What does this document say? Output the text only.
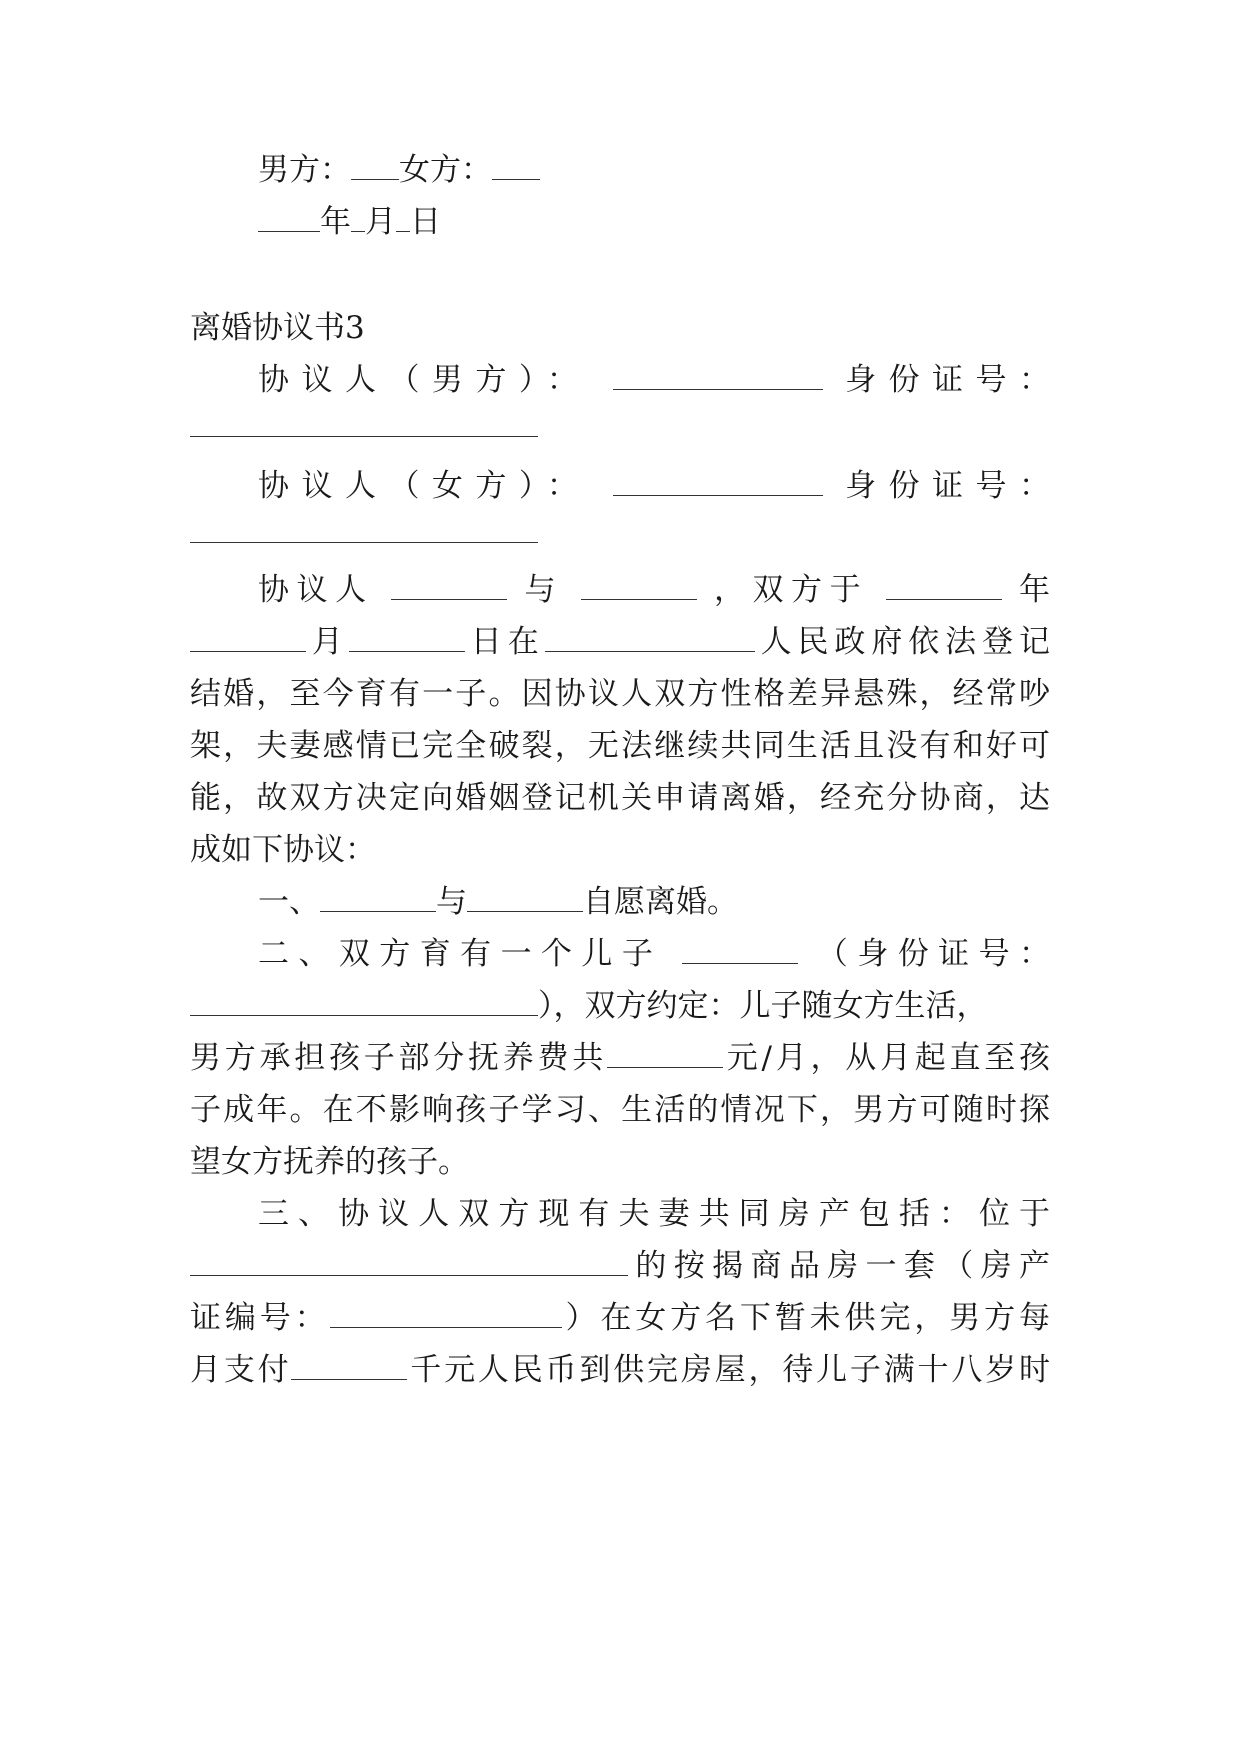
男方： 女方：
年 月 日
离婚协议书3
协议人（男方）：	身份证号：
协议人（女方）：	身份证号：
协议人	与	，双方于	年
月	日在	人民政府依法登记
结婚，至今育有一子。因协议人双方性格差异悬殊，经常吵
架，夫妻感情已完全破裂，无法继续共同生活且没有和好可
能，故双方决定向婚姻登记机关申请离婚，经充分协商，达
成如下协议：
一、	与	自愿离婚。
二、双方育有一个儿子	（身份证号：
），双方约定：儿子随女方生活，
男方承担孩子部分抚养费共	元/月，从月起直至孩
子成年。在不影响孩子学习、生活的情况下，男方可随时探
望女方抚养的孩子。
三、协议人双方现有夫妻共同房产包括：位于
的按揭商品房一套（房产
证编号：	）在女方名下暂未供完，男方每
月支付	千元人民币到供完房屋，待儿子满十八岁时
